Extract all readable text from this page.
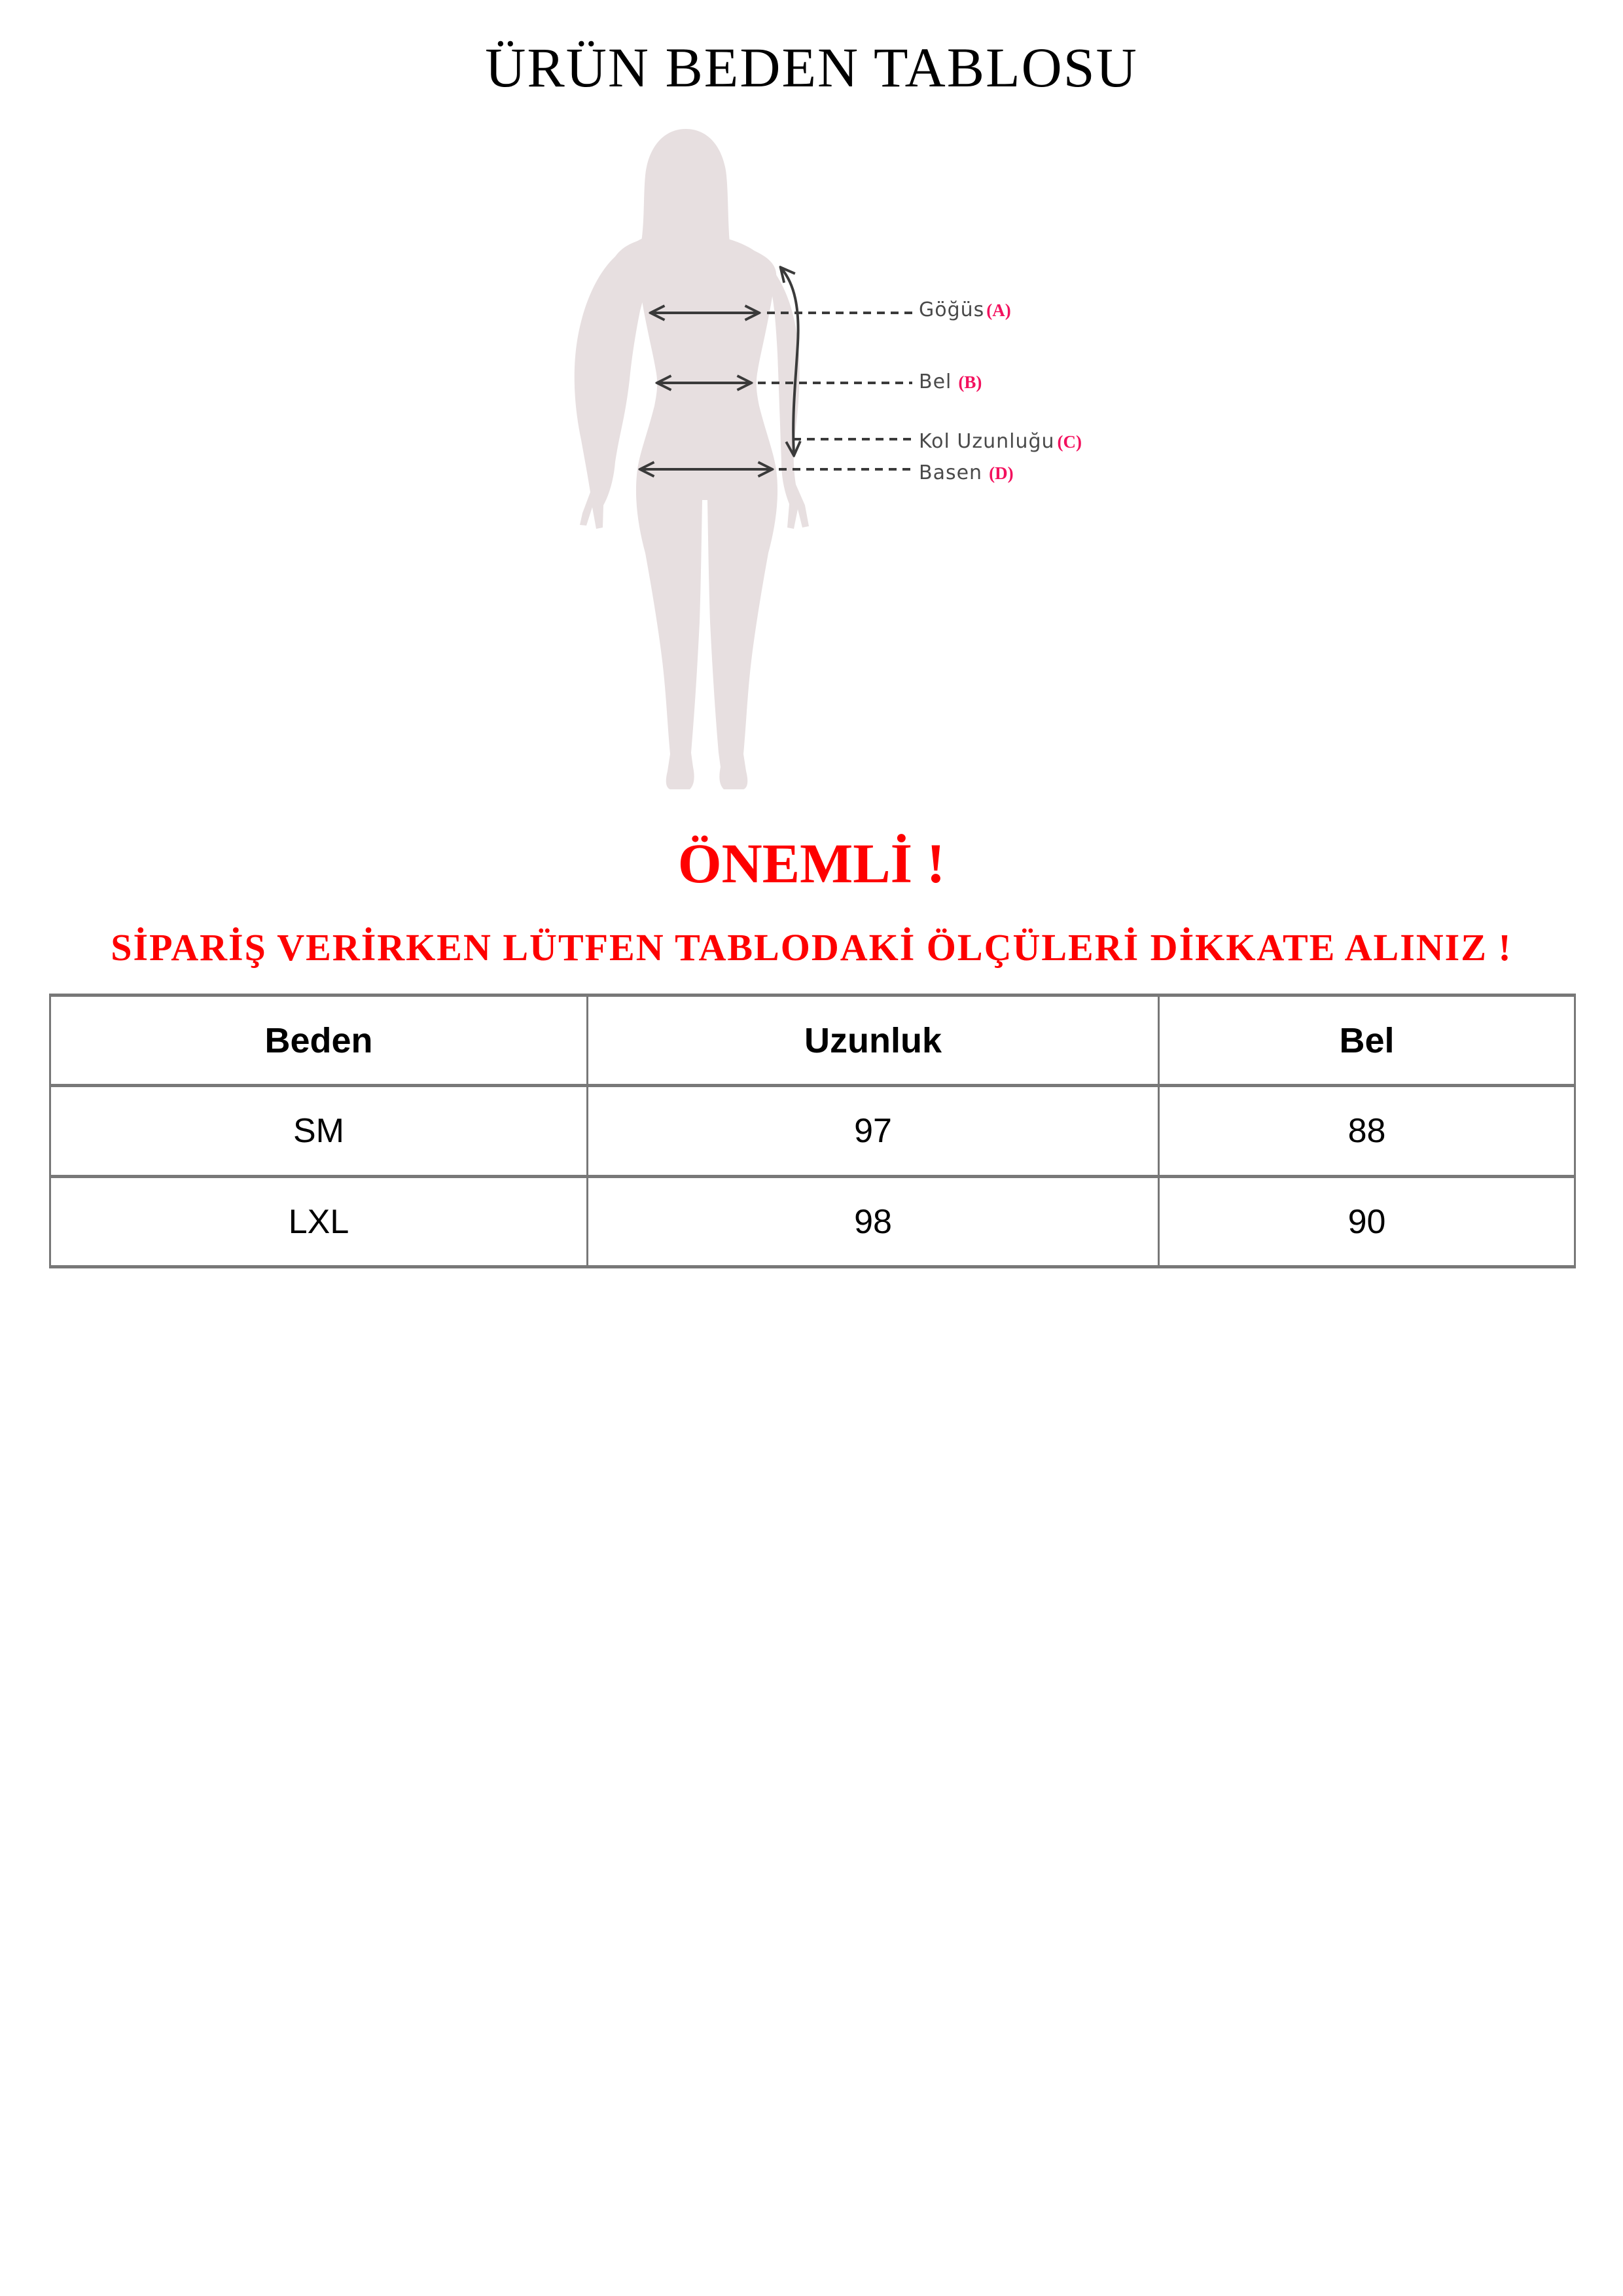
ÜRÜN BEDEN TABLOSU
Göğüs (A)
Bel (B)
Kol Uzunluğu (C)
Basen (D)
ÖNEMLİ !
SİPARİŞ VERİRKEN LÜTFEN TABLODAKİ ÖLÇÜLERİ DİKKATE ALINIZ !
Beden	Uzunluk	Bel
SM	97	88
LXL	98	90
